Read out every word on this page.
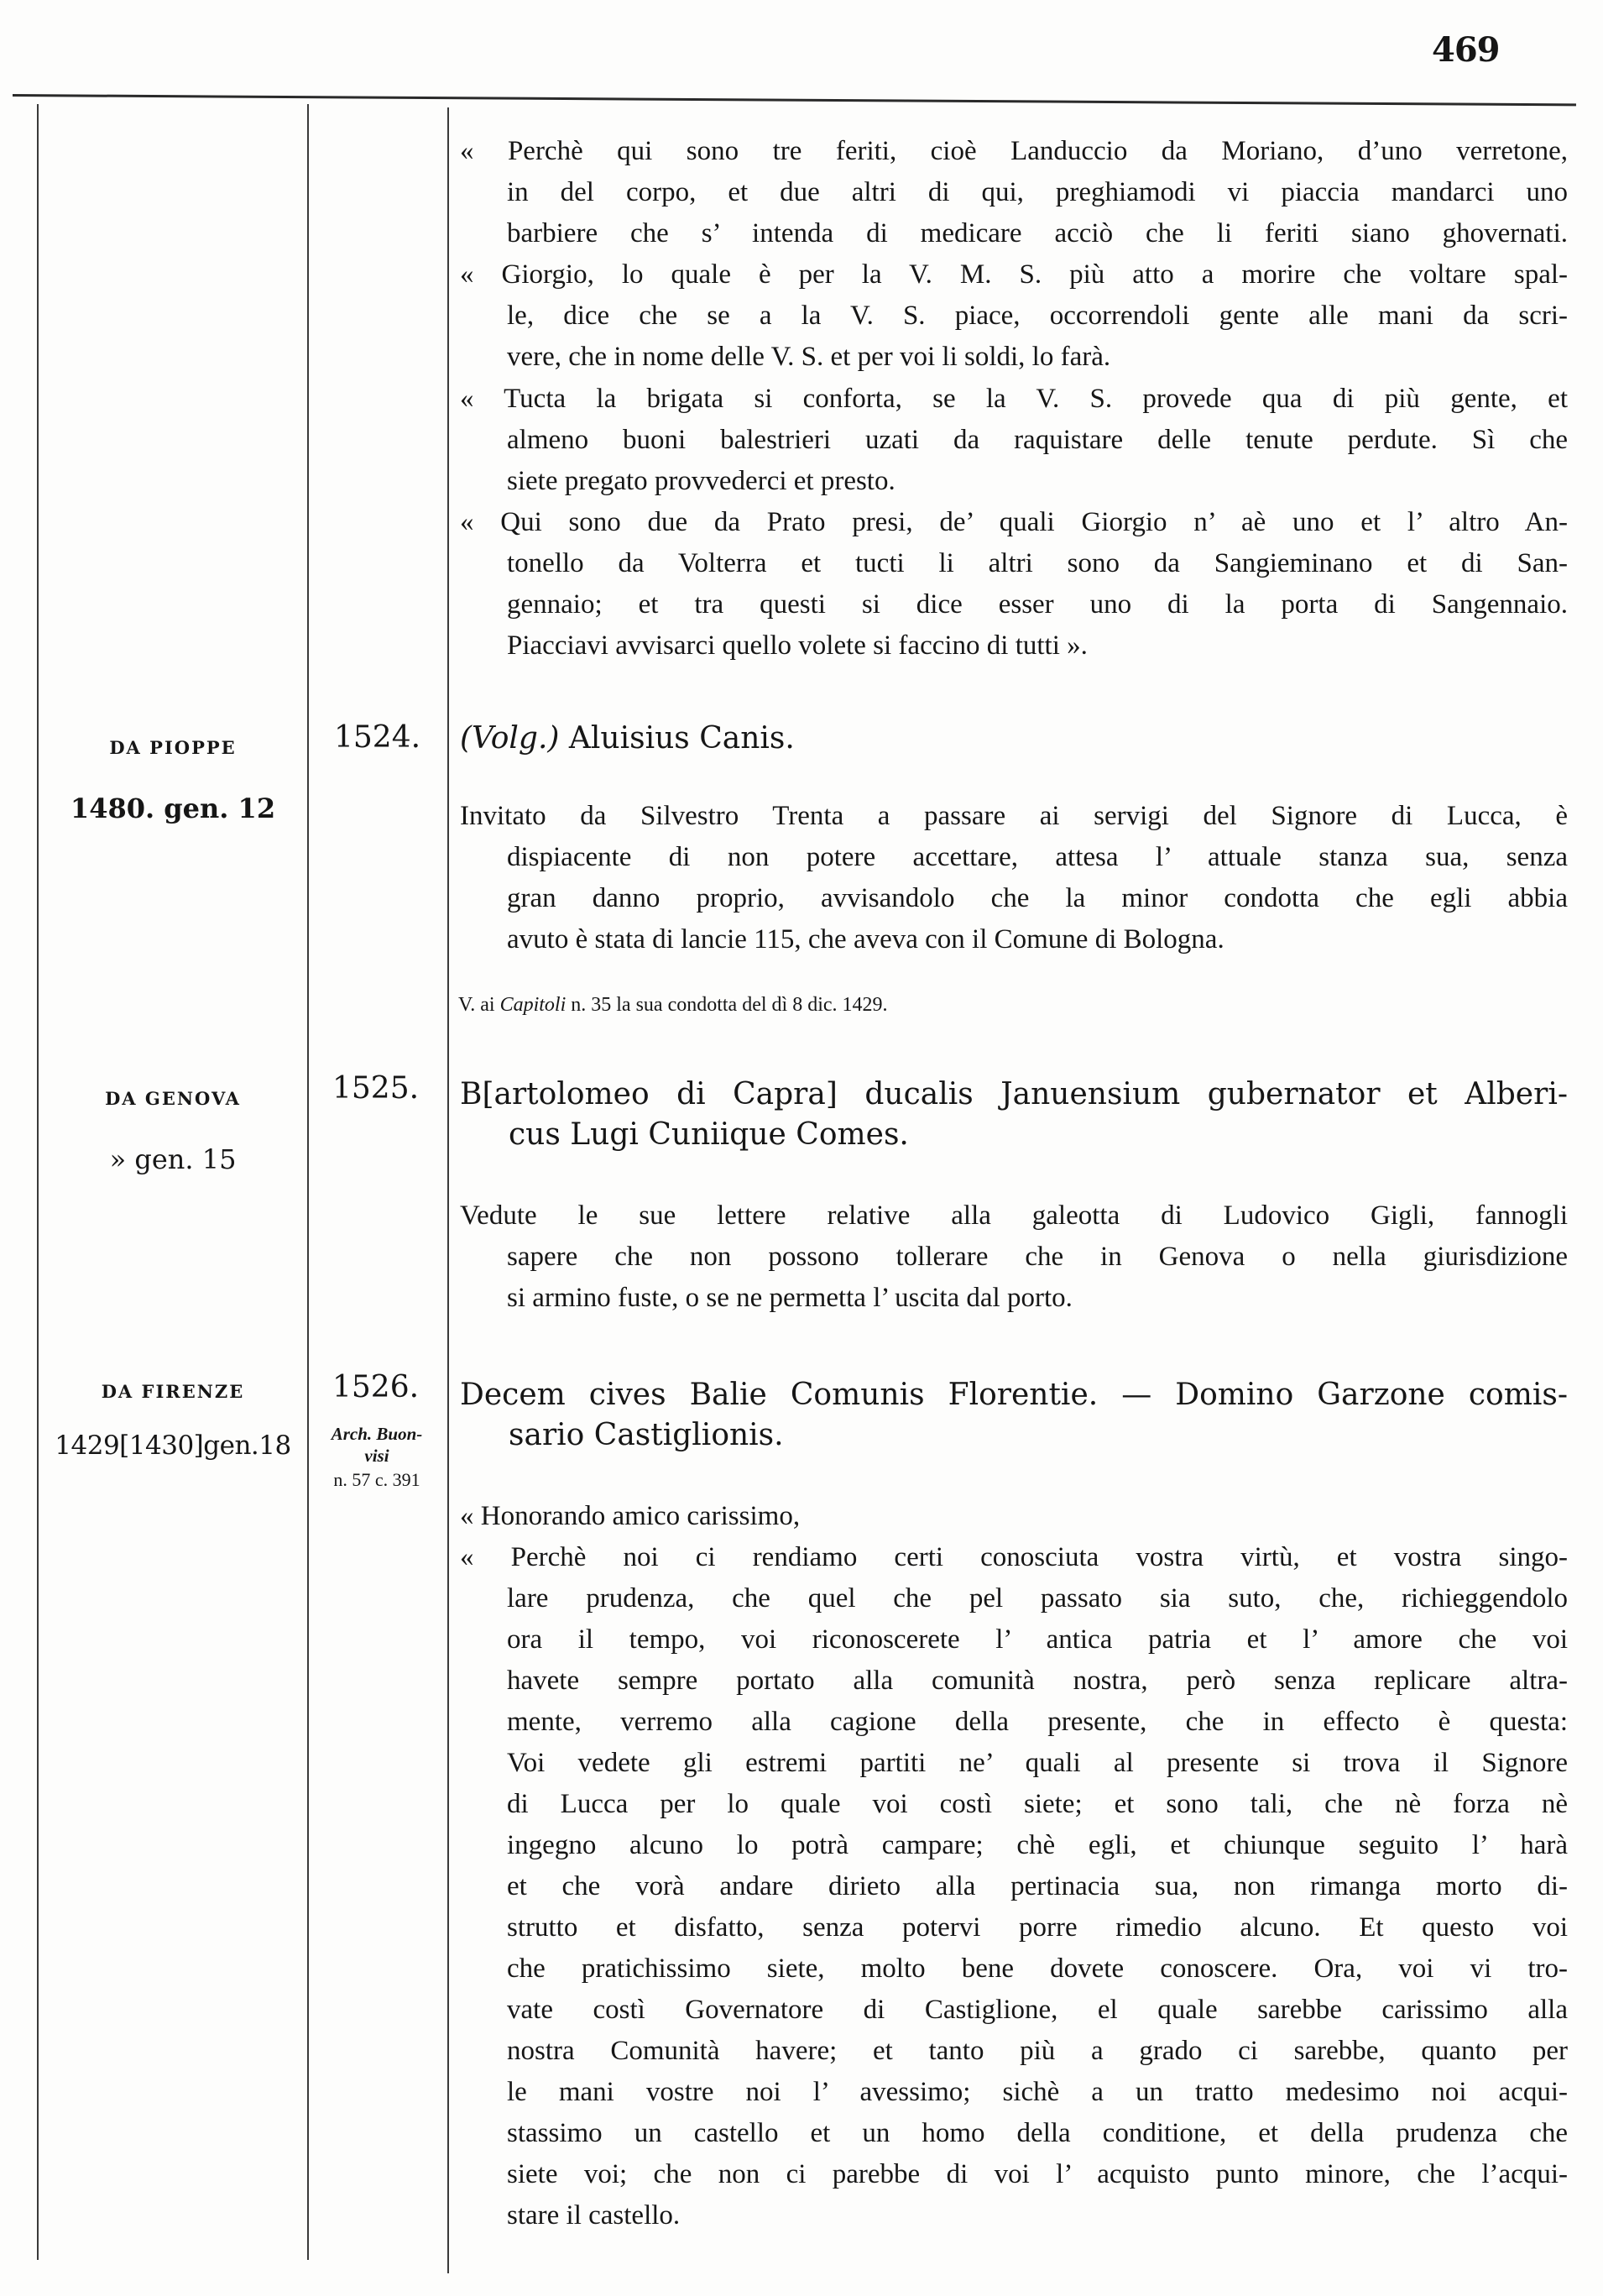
469
« Perchè qui sono tre feriti, cioè Landuccio da Moriano, d’uno verretone,
in del corpo, et due altri di qui, preghiamodi vi piaccia mandarci uno
barbiere che s’ intenda di medicare acciò che li feriti siano ghovernati.
« Giorgio, lo quale è per la V. M. S. più atto a morire che voltare spal-
le, dice che se a la V. S. piace, occorrendoli gente alle mani da scri-
vere, che in nome delle V. S. et per voi li soldi, lo farà.
« Tucta la brigata si conforta, se la V. S. provede qua di più gente, et
almeno buoni balestrieri uzati da raquistare delle tenute perdute. Sì che
siete pregato provvederci et presto.
« Qui sono due da Prato presi, de’ quali Giorgio n’ aè uno et l’ altro An-
tonello da Volterra et tucti li altri sono da Sangieminano et di San-
gennaio; et tra questi si dice esser uno di la porta di Sangennaio.
Piacciavi avvisarci quello volete si faccino di tutti ».
DA PIOPPE
1480. gen. 12
1524. (Volg.) Aluisius Canis.
Invitato da Silvestro Trenta a passare ai servigi del Signore di Lucca, è
dispiacente di non potere accettare, attesa l’ attuale stanza sua, senza
gran danno proprio, avvisandolo che la minor condotta che egli abbia
avuto è stata di lancie 115, che aveva con il Comune di Bologna.
V. ai Capitoli n. 35 la sua condotta del dì 8 dic. 1429.
DA GENOVA
» gen. 15
1525. B[artolomeo di Capra] ducalis Januensium gubernator et Alberi-
cus Lugi Cuniique Comes.
Vedute le sue lettere relative alla galeotta di Ludovico Gigli, fannogli
sapere che non possono tollerare che in Genova o nella giurisdizione
si armino fuste, o se ne permetta l’ uscita dal porto.
DA FIRENZE
1429[1430]gen.18
1526.
Arch. Buon-
visi
n. 57 c. 391
Decem cives Balie Comunis Florentie. — Domino Garzone comis-
sario Castiglionis.
« Honorando amico carissimo,
« Perchè noi ci rendiamo certi conosciuta vostra virtù, et vostra singo-
lare prudenza, che quel che pel passato sia suto, che, richieggendolo
ora il tempo, voi riconoscerete l’ antica patria et l’ amore che voi
havete sempre portato alla comunità nostra, però senza replicare altra-
mente, verremo alla cagione della presente, che in effecto è questa:
Voi vedete gli estremi partiti ne’ quali al presente si trova il Signore
di Lucca per lo quale voi costì siete; et sono tali, che nè forza nè
ingegno alcuno lo potrà campare; chè egli, et chiunque seguito l’ harà
et che vorà andare dirieto alla pertinacia sua, non rimanga morto di-
strutto et disfatto, senza potervi porre rimedio alcuno. Et questo voi
che pratichissimo siete, molto bene dovete conoscere. Ora, voi vi tro-
vate costì Governatore di Castiglione, el quale sarebbe carissimo alla
nostra Comunità havere; et tanto più a grado ci sarebbe, quanto per
le mani vostre noi l’ avessimo; sichè a un tratto medesimo noi acqui-
stassimo un castello et un homo della conditione, et della prudenza che
siete voi; che non ci parebbe di voi l’ acquisto punto minore, che l’acqui-
stare il castello.
